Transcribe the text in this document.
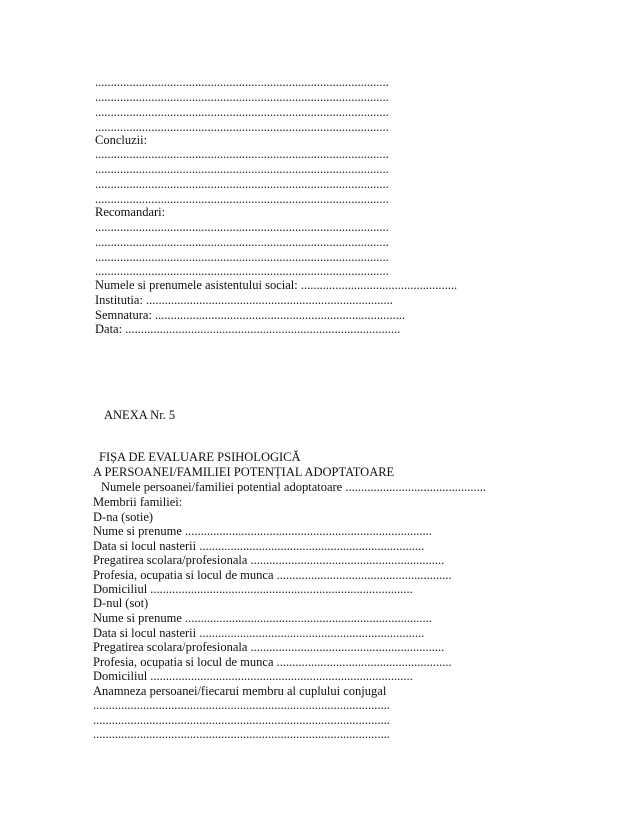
..............................................................................................
..............................................................................................
..............................................................................................
..............................................................................................
Concluzii:
..............................................................................................
..............................................................................................
..............................................................................................
..............................................................................................
Recomandari:
..............................................................................................
..............................................................................................
..............................................................................................
..............................................................................................
Numele si prenumele asistentului social: ..................................................
Institutia: ...............................................................................
Semnatura: ................................................................................
Data: ........................................................................................
ANEXA Nr. 5
FIȘA DE EVALUARE PSIHOLOGICĂ
A PERSOANEI/FAMILIEI POTENȚIAL ADOPTATOARE
Numele persoanei/familiei potential adoptatoare .............................................
Membrii familiei:
D-na (sotie)
Nume si prenume ...............................................................................
Data si locul nasterii ........................................................................
Pregatirea scolara/profesionala ..............................................................
Profesia, ocupatia si locul de munca ........................................................
Domiciliul ....................................................................................
D-nul (sot)
Nume si prenume ...............................................................................
Data si locul nasterii ........................................................................
Pregatirea scolara/profesionala ..............................................................
Profesia, ocupatia si locul de munca ........................................................
Domiciliul ....................................................................................
Anamneza persoanei/fiecarui membru al cuplului conjugal
...............................................................................................
...............................................................................................
...............................................................................................
